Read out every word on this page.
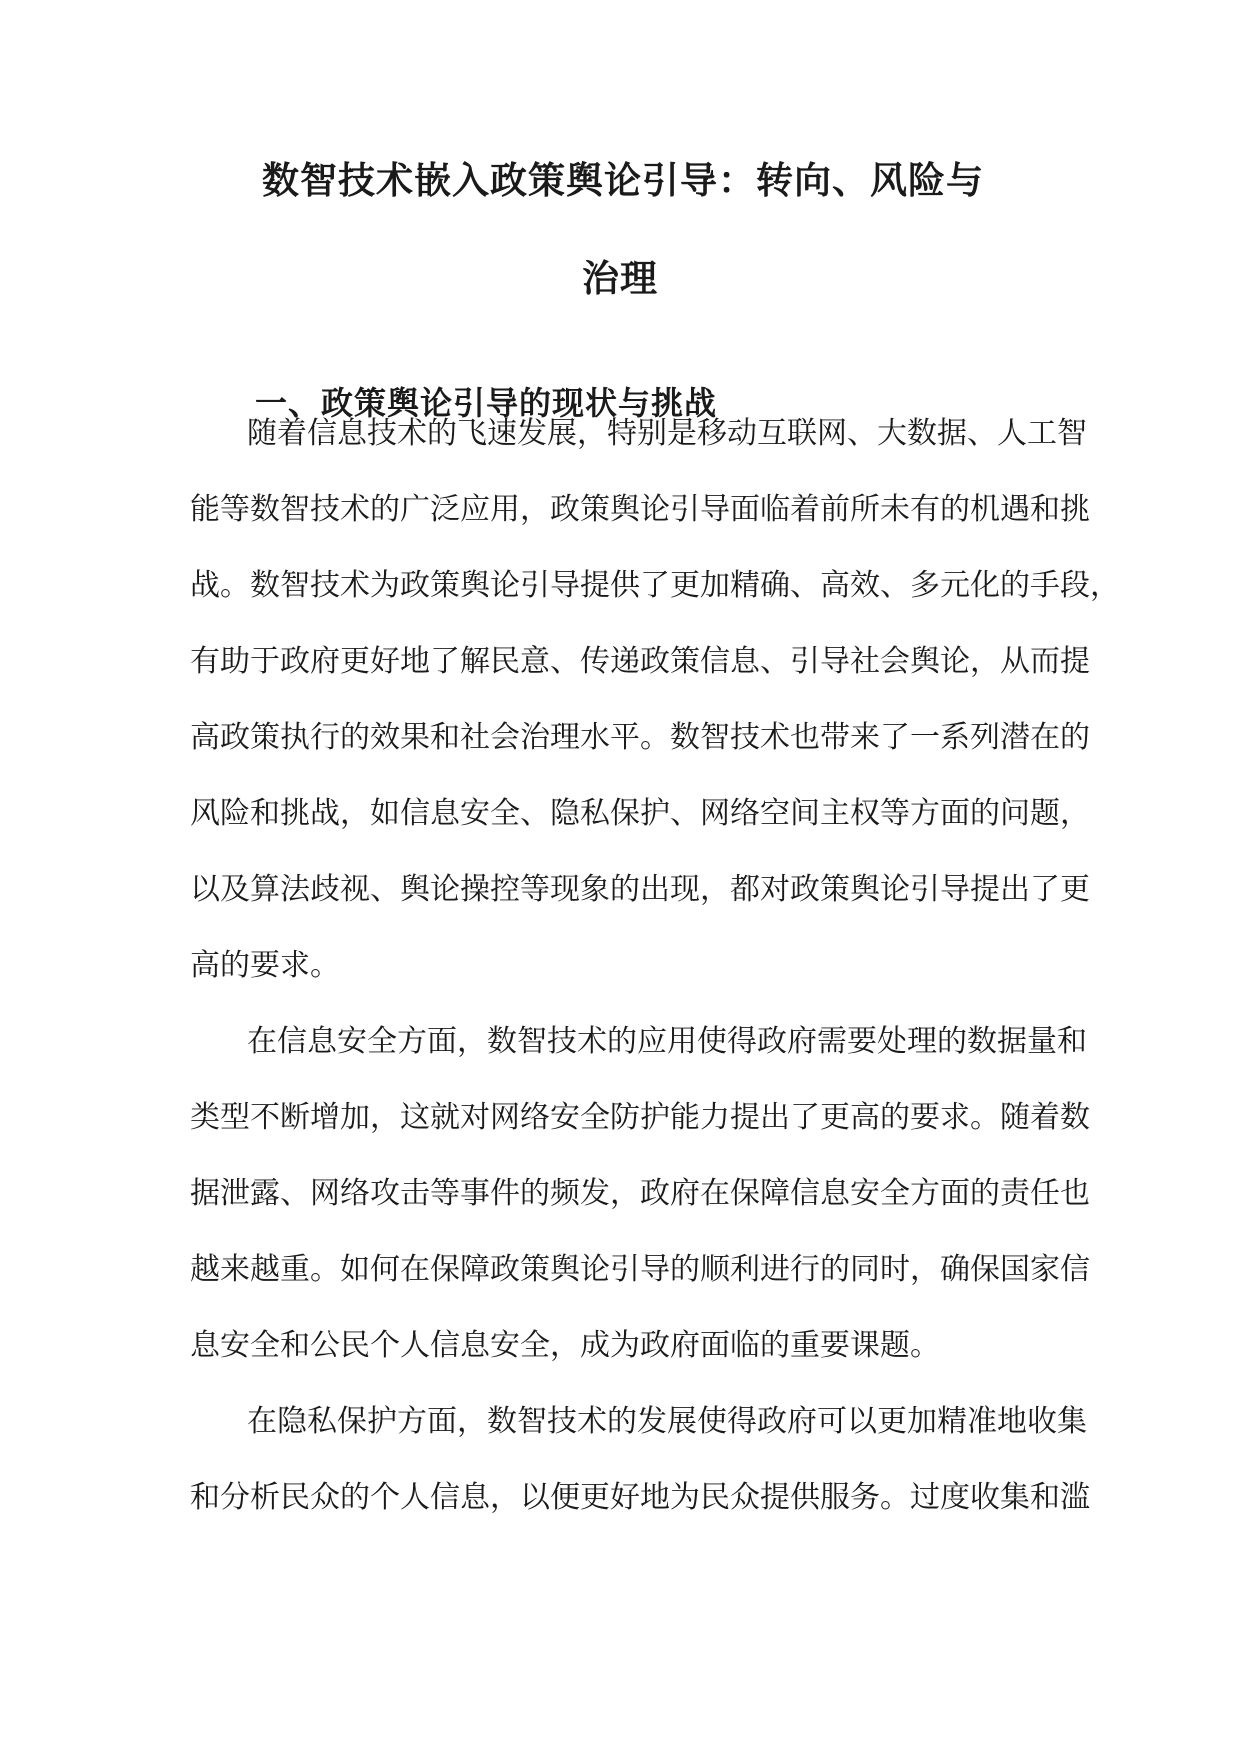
数智技术嵌入政策舆论引导：转向、风险与
治理
一、政策舆论引导的现状与挑战
随着信息技术的飞速发展，特别是移动互联网、大数据、人工智
能等数智技术的广泛应用，政策舆论引导面临着前所未有的机遇和挑
战。数智技术为政策舆论引导提供了更加精确、高效、多元化的手段，
有助于政府更好地了解民意、传递政策信息、引导社会舆论，从而提
高政策执行的效果和社会治理水平。数智技术也带来了一系列潜在的
风险和挑战，如信息安全、隐私保护、网络空间主权等方面的问题，
以及算法歧视、舆论操控等现象的出现，都对政策舆论引导提出了更
高的要求。
在信息安全方面，数智技术的应用使得政府需要处理的数据量和
类型不断增加，这就对网络安全防护能力提出了更高的要求。随着数
据泄露、网络攻击等事件的频发，政府在保障信息安全方面的责任也
越来越重。如何在保障政策舆论引导的顺利进行的同时，确保国家信
息安全和公民个人信息安全，成为政府面临的重要课题。
在隐私保护方面，数智技术的发展使得政府可以更加精准地收集
和分析民众的个人信息，以便更好地为民众提供服务。过度收集和滥
